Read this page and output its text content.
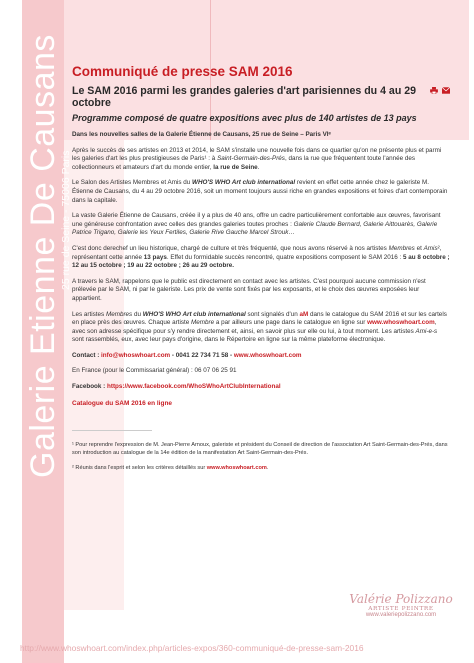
Galerie Etienne De Causans
25 rue de Seine - 75006 Paris
Communiqué de presse SAM 2016
Le SAM 2016 parmi les grandes galeries d'art parisiennes du 4 au 29 octobre
Programme composé de quatre expositions avec plus de 140 artistes de 13 pays

Dans les nouvelles salles de la Galerie Étienne de Causans, 25 rue de Seine – Paris VIᵉ

Après le succès de ses artistes en 2013 et 2014, le SAM s'installe une nouvelle fois dans ce quartier qu'on ne présente plus et parmi les galeries d'art les plus prestigieuses de Paris¹ : à Saint-Germain-des-Prés, dans la rue que fréquentent toute l'année des collectionneurs et amateurs d'art du monde entier, la rue de Seine.

Le Salon des Artistes Membres et Amis du WHO'S WHO Art club international revient en effet cette année chez le galeriste M. Étienne de Causans, du 4 au 29 octobre 2016, soit un moment toujours aussi riche en grandes expositions et foires d'art contemporain dans la capitale.

La vaste Galerie Étienne de Causans, créée il y a plus de 40 ans, offre un cadre particulièrement confortable aux œuvres, favorisant une généreuse confrontation avec celles des grandes galeries toutes proches : Galerie Claude Bernard, Galerie Aittouarès, Galerie Patrice Trigano, Galerie les Yeux Fertiles, Galerie Rive Gauche Marcel Strouk…

C'est donc derechef un lieu historique, chargé de culture et très fréquenté, que nous avons réservé à nos artistes Membres et Amis², représentant cette année 13 pays. Effet du formidable succès rencontré, quatre expositions composent le SAM 2016 : 5 au 8 octobre ; 12 au 15 octobre ; 19 au 22 octobre ; 26 au 29 octobre.

A travers le SAM, rappelons que le public est directement en contact avec les artistes. C'est pourquoi aucune commission n'est prélevée par le SAM, ni par le galeriste. Les prix de vente sont fixés par les exposants, et le choix des œuvres exposées leur appartient.

Les artistes Membres du WHO'S WHO Art club international sont signalés d'un aM dans le catalogue du SAM 2016 et sur les cartels en place près des œuvres. Chaque artiste Membre a par ailleurs une page dans le catalogue en ligne sur www.whoswhoart.com, avec son adresse spécifique pour s'y rendre directement et, ainsi, en savoir plus sur elle ou lui, à tout moment. Les artistes Ami-e-s sont rassemblés, eux, avec leur pays d'origine, dans le Répertoire en ligne sur la même plateforme électronique.

Contact : info@whoswhoart.com - 0041 22 734 71 58 - www.whoswhoart.com

En France (pour le Commissariat général) : 06 07 06 25 91

Facebook : https://www.facebook.com/WhoSWhoArtClubInternational

Catalogue du SAM 2016 en ligne

¹ Pour reprendre l'expression de M. Jean-Pierre Arnoux, galeriste et président du Conseil de direction de l'association Art Saint-Germain-des-Prés, dans son introduction au catalogue de la 14e édition de la manifestation Art Saint-Germain-des-Prés.

² Réunis dans l'esprit et selon les critères détaillés sur www.whoswhoart.com.

Valérie Polizzano
ARTISTE PEINTRE
www.valeriepolizzano.com
http://www.whoswhoart.com/index.php/articles-expos/360-communiqué-de-presse-sam-2016
